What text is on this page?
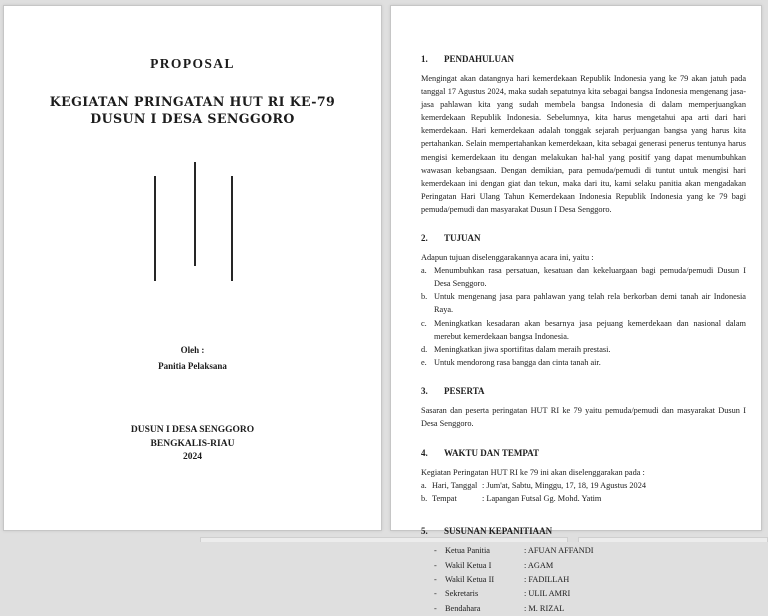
PROPOSAL
KEGIATAN PRINGATAN HUT RI KE-79
DUSUN I DESA SENGGORO
Oleh :
Panitia Pelaksana
DUSUN I DESA SENGGORO
BENGKALIS-RIAU
2024
1.	PENDAHULUAN
Mengingat akan datangnya hari kemerdekaan Republik Indonesia yang ke 79 akan jatuh pada tanggal 17 Agustus 2024, maka sudah sepatutnya kita sebagai bangsa Indonesia mengenang jasa-jasa pahlawan kita yang sudah membela bangsa Indonesia di dalam memperjuangkan kemerdekaan Republik Indonesia. Sebelumnya, kita harus mengetahui apa arti dari hari kemerdekaan. Hari kemerdekaan adalah tonggak sejarah perjuangan bangsa yang harus kita pertahankan. Selain mempertahankan kemerdekaan, kita sebagai generasi penerus tentunya harus mengisi kemerdekaan itu dengan melakukan hal-hal yang positif yang dapat menumbuhkan wawasan kebangsaan. Dengan demikian, para pemuda/pemudi di tuntut untuk mengisi hari kemerdekaan ini dengan giat dan tekun, maka dari itu, kami selaku panitia akan mengadakan Peringatan Hari Ulang Tahun Kemerdekaan Indonesia Republik Indonesia yang ke 79 bagi pemuda/pemudi dan masyarakat Dusun I Desa Senggoro.
2.	TUJUAN
Adapun tujuan diselenggarakannya acara ini, yaitu :
a. Menumbuhkan rasa persatuan, kesatuan dan kekeluargaan bagi pemuda/pemudi Dusun I Desa Senggoro.
b. Untuk mengenang jasa para pahlawan yang telah rela berkorban demi tanah air Indonesia Raya.
c. Meningkatkan kesadaran akan besarnya jasa pejuang kemerdekaan dan nasional dalam merebut kemerdekaan bangsa Indonesia.
d. Meningkatkan jiwa sportifitas dalam meraih prestasi.
e. Untuk mendorong rasa bangga dan cinta tanah air.
3.	PESERTA
Sasaran dan peserta peringatan HUT RI ke 79 yaitu pemuda/pemudi dan masyarakat Dusun I Desa Senggoro.
4.	WAKTU DAN TEMPAT
Kegiatan Peringatan HUT RI ke 79 ini akan diselenggarakan pada :
a. Hari, Tanggal : Jum'at, Sabtu, Minggu, 17, 18, 19 Agustus 2024
b. Tempat	: Lapangan Futsal Gg. Mohd. Yatim
5.	SUSUNAN KEPANITIAAN
- Ketua Panitia	: AFUAN AFFANDI
- Wakil Ketua I	: AGAM
- Wakil Ketua II	: FADILLAH
- Sekretaris	: ULIL AMRI
- Bendahara	: M. RIZAL
